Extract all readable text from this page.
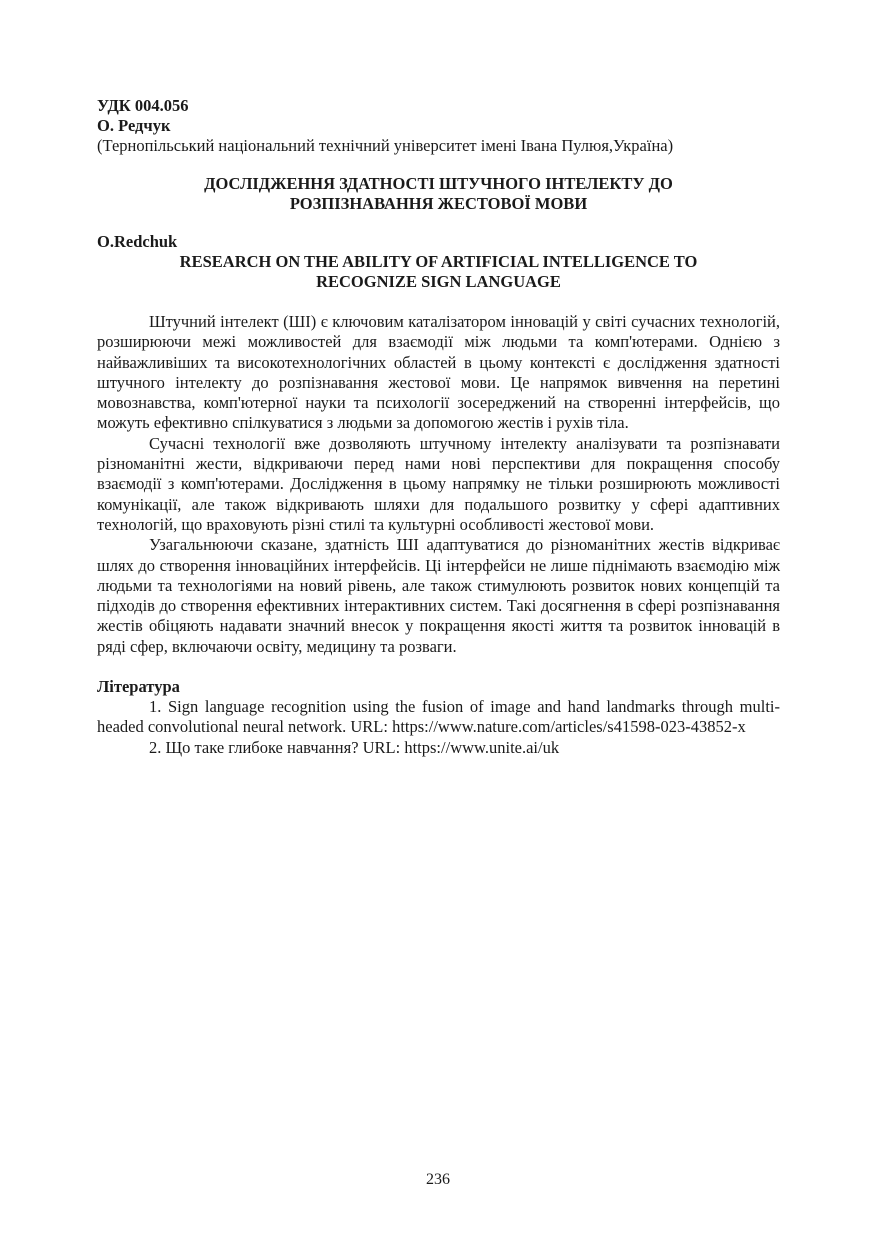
УДК 004.056

О. Редчук

(Тернопільський національний технічний університет імені Івана Пулюя,Україна)

ДОСЛІДЖЕННЯ ЗДАТНОСТІ ШТУЧНОГО ІНТЕЛЕКТУ ДО
РОЗПІЗНАВАННЯ ЖЕСТОВОЇ МОВИ

O.Redchuk

RESEARCH ON THE ABILITY OF ARTIFICIAL INTELLIGENCE TO
RECOGNIZE SIGN LANGUAGE

Штучний інтелект (ШІ) є ключовим каталізатором інновацій у світі сучасних технологій, розширюючи межі можливостей для взаємодії між людьми та комп'ютерами. Однією з найважливіших та високотехнологічних областей в цьому контексті є дослідження здатності штучного інтелекту до розпізнавання жестової мови. Це напрямок вивчення на перетині мовознавства, комп'ютерної науки та психології зосереджений на створенні інтерфейсів, що можуть ефективно спілкуватися з людьми за допомогою жестів і рухів тіла.

Сучасні технології вже дозволяють штучному інтелекту аналізувати та розпізнавати різноманітні жести, відкриваючи перед нами нові перспективи для покращення способу взаємодії з комп'ютерами. Дослідження в цьому напрямку не тільки розширюють можливості комунікації, але також відкривають шляхи для подальшого розвитку у сфері адаптивних технологій, що враховують різні стилі та культурні особливості жестової мови.

Узагальнюючи сказане, здатність ШІ адаптуватися до різноманітних жестів відкриває шлях до створення інноваційних інтерфейсів. Ці інтерфейси не лише піднімають взаємодію між людьми та технологіями на новий рівень, але також стимулюють розвиток нових концепцій та підходів до створення ефективних інтерактивних систем. Такі досягнення в сфері розпізнавання жестів обіцяють надавати значний внесок у покращення якості життя та розвиток інновацій в ряді сфер, включаючи освіту, медицину та розваги.

Література

1. Sign language recognition using the fusion of image and hand landmarks through multi-headed convolutional neural network. URL: https://www.nature.com/articles/s41598-023-43852-x

2. Що таке глибоке навчання? URL: https://www.unite.ai/uk

236
